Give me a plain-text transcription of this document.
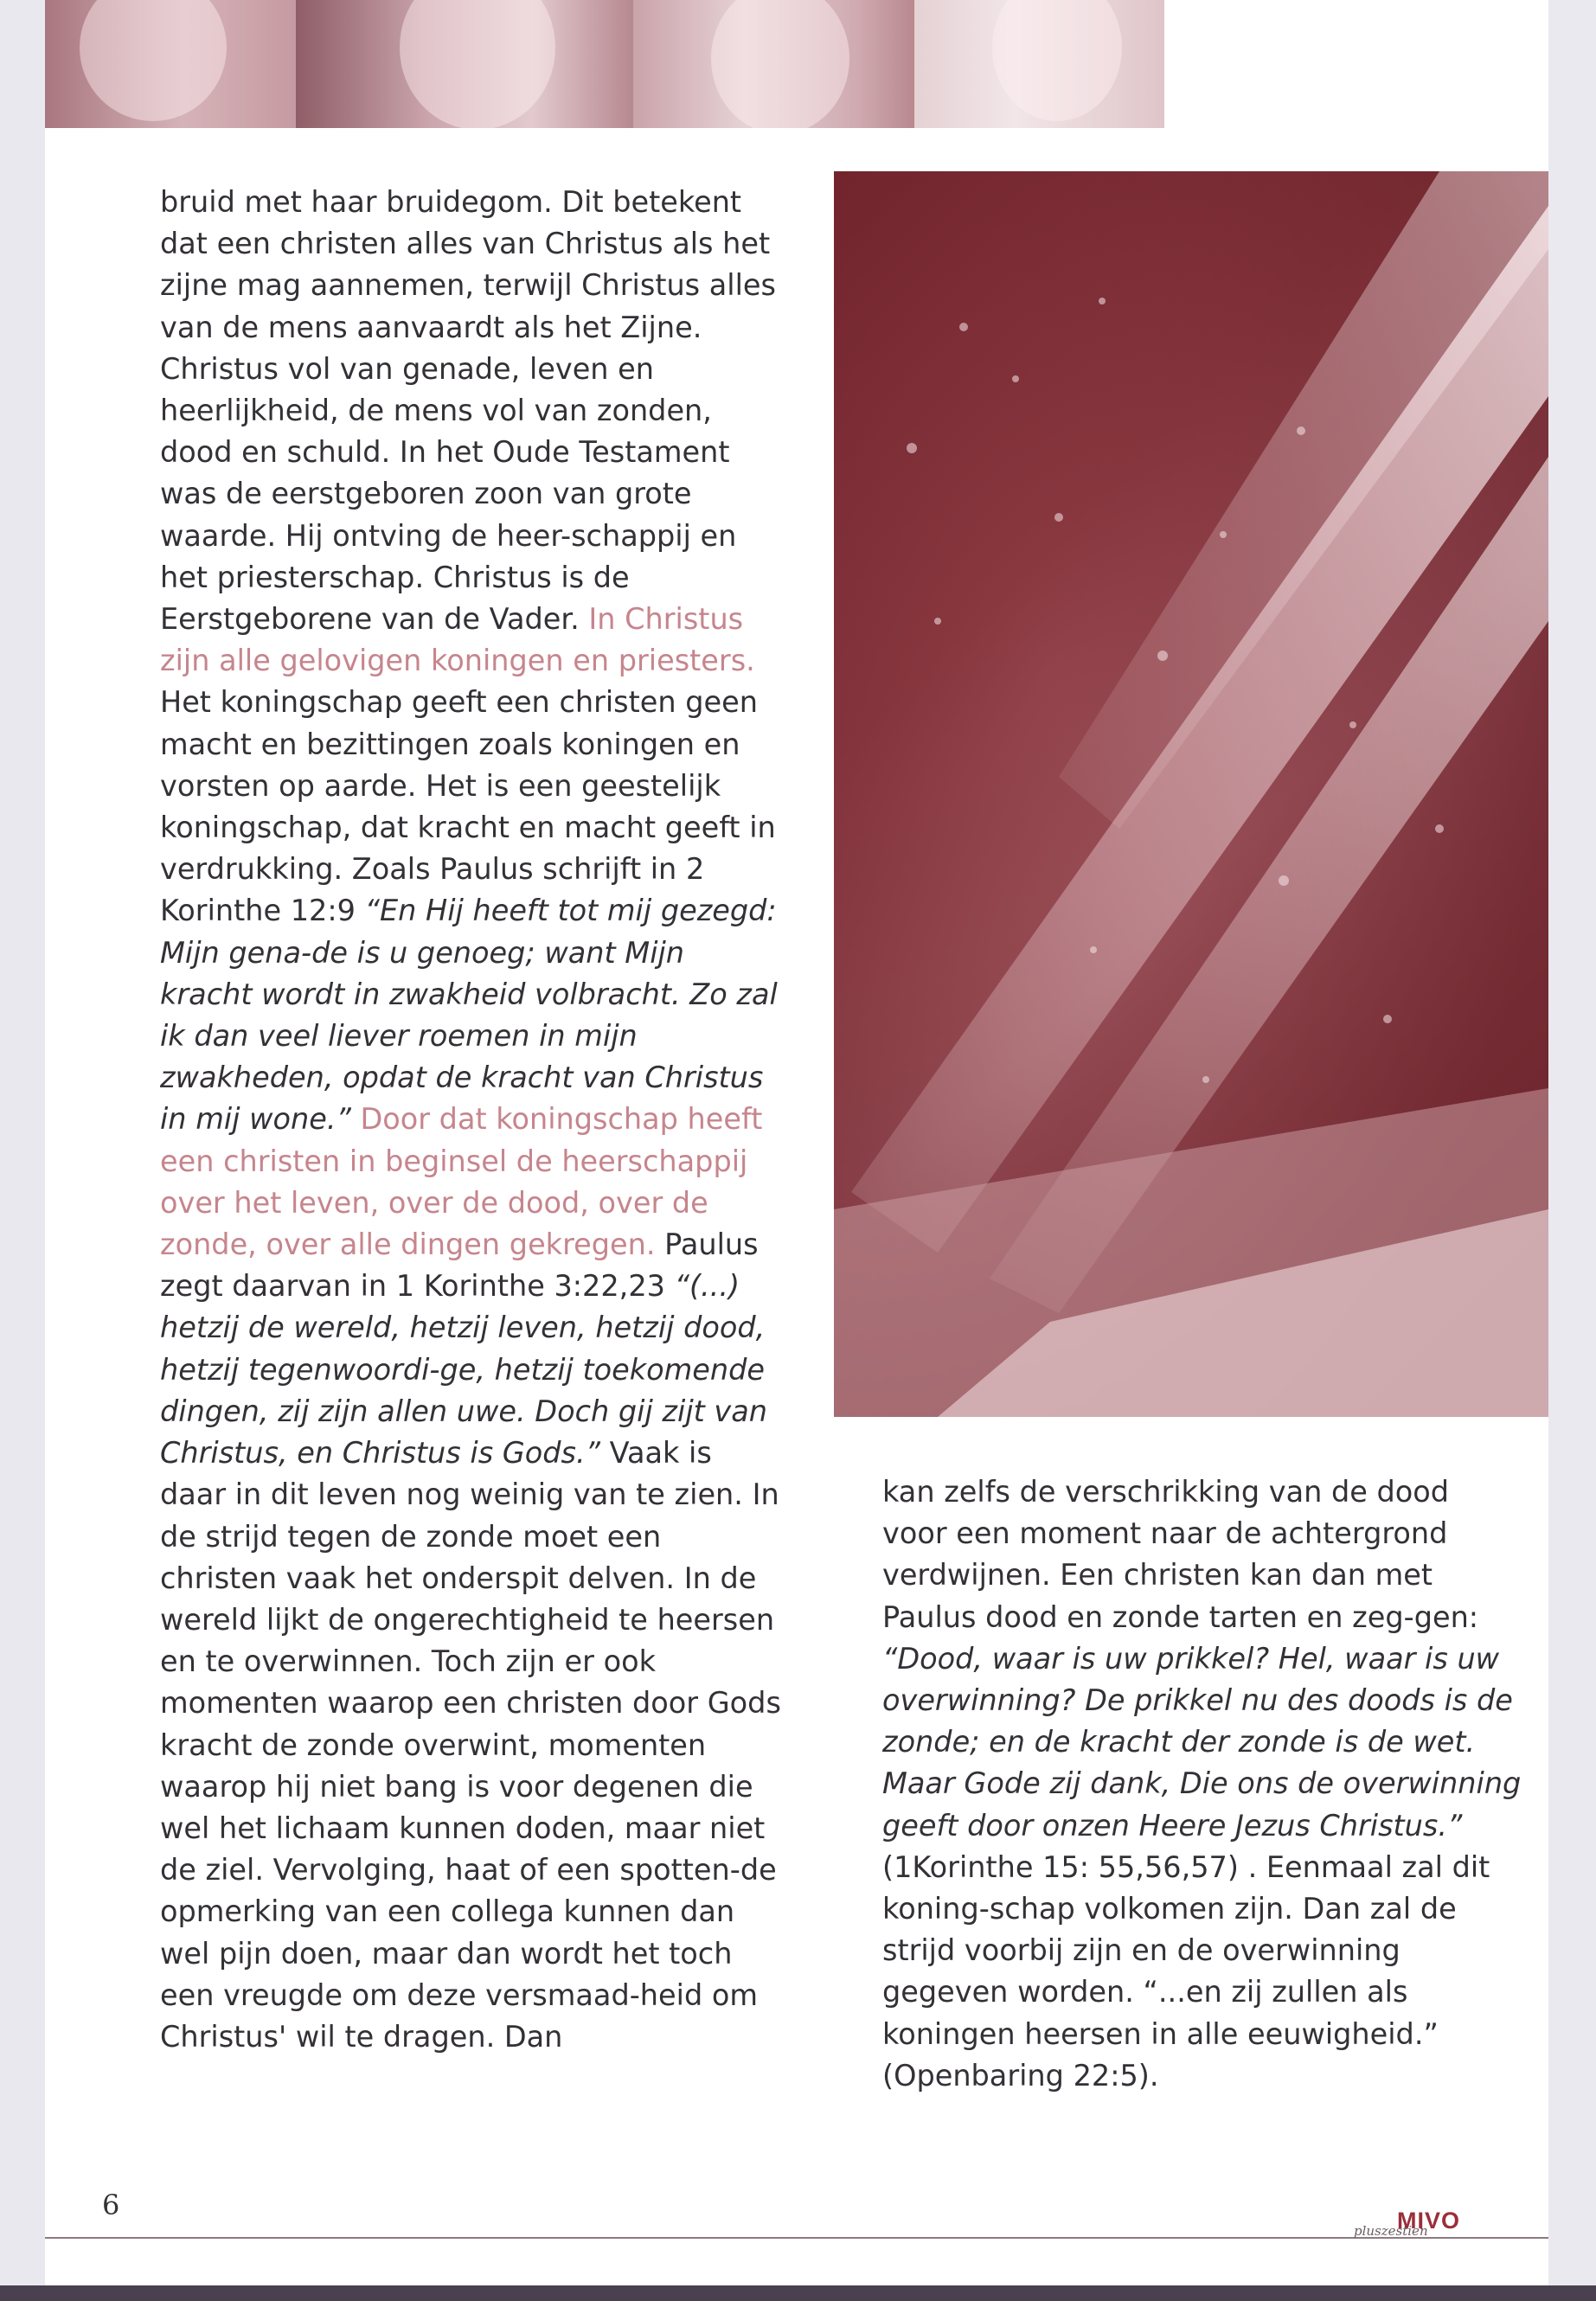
bruid met haar bruidegom. Dit betekent dat een christen alles van Christus als het zijne mag aannemen, terwijl Christus alles van de mens aanvaardt als het Zijne. Christus vol van genade, leven en heerlijkheid, de mens vol van zonden, dood en schuld. In het Oude Testament was de eerstgeboren zoon van grote waarde. Hij ontving de heer-schappij en het priesterschap. Christus is de Eerstgeborene van de Vader. In Christus zijn alle gelovigen koningen en priesters. Het koningschap geeft een christen geen macht en bezittingen zoals koningen en vorsten op aarde. Het is een geestelijk koningschap, dat kracht en macht geeft in verdrukking. Zoals Paulus schrijft in 2 Korinthe 12:9 “En Hij heeft tot mij gezegd: Mijn gena-de is u genoeg; want Mijn kracht wordt in zwakheid volbracht. Zo zal ik dan veel liever roemen in mijn zwakheden, opdat de kracht van Christus in mij wone.” Door dat koningschap heeft een christen in beginsel de heerschappij over het leven, over de dood, over de zonde, over alle dingen gekregen. Paulus zegt daarvan in 1 Korinthe 3:22,23 “(...) hetzij de wereld, hetzij leven, hetzij dood, hetzij tegenwoordi-ge, hetzij toekomende dingen, zij zijn allen uwe. Doch gij zijt van Christus, en Christus is Gods.” Vaak is daar in dit leven nog weinig van te zien. In de strijd tegen de zonde moet een christen vaak het onderspit delven. In de wereld lijkt de ongerechtigheid te heersen en te overwinnen. Toch zijn er ook momenten waarop een christen door Gods kracht de zonde overwint, momenten waarop hij niet bang is voor degenen die wel het lichaam kunnen doden, maar niet de ziel. Vervolging, haat of een spotten-de opmerking van een collega kunnen dan wel pijn doen, maar dan wordt het toch een vreugde om deze versmaad-heid om Christus' wil te dragen. Dan

kan zelfs de verschrikking van de dood voor een moment naar de achtergrond verdwijnen. Een christen kan dan met Paulus dood en zonde tarten en zeg-gen: “Dood, waar is uw prikkel? Hel, waar is uw overwinning? De prikkel nu des doods is de zonde; en de kracht der zonde is de wet. Maar Gode zij dank, Die ons de overwinning geeft door onzen Heere Jezus Christus.” (1Korinthe 15: 55,56,57) . Eenmaal zal dit koning-schap volkomen zijn. Dan zal de strijd voorbij zijn en de overwinning gegeven worden. “...en zij zullen als koningen heersen in alle eeuwigheid.” (Openbaring 22:5).

6
pluszestien
MIVO
